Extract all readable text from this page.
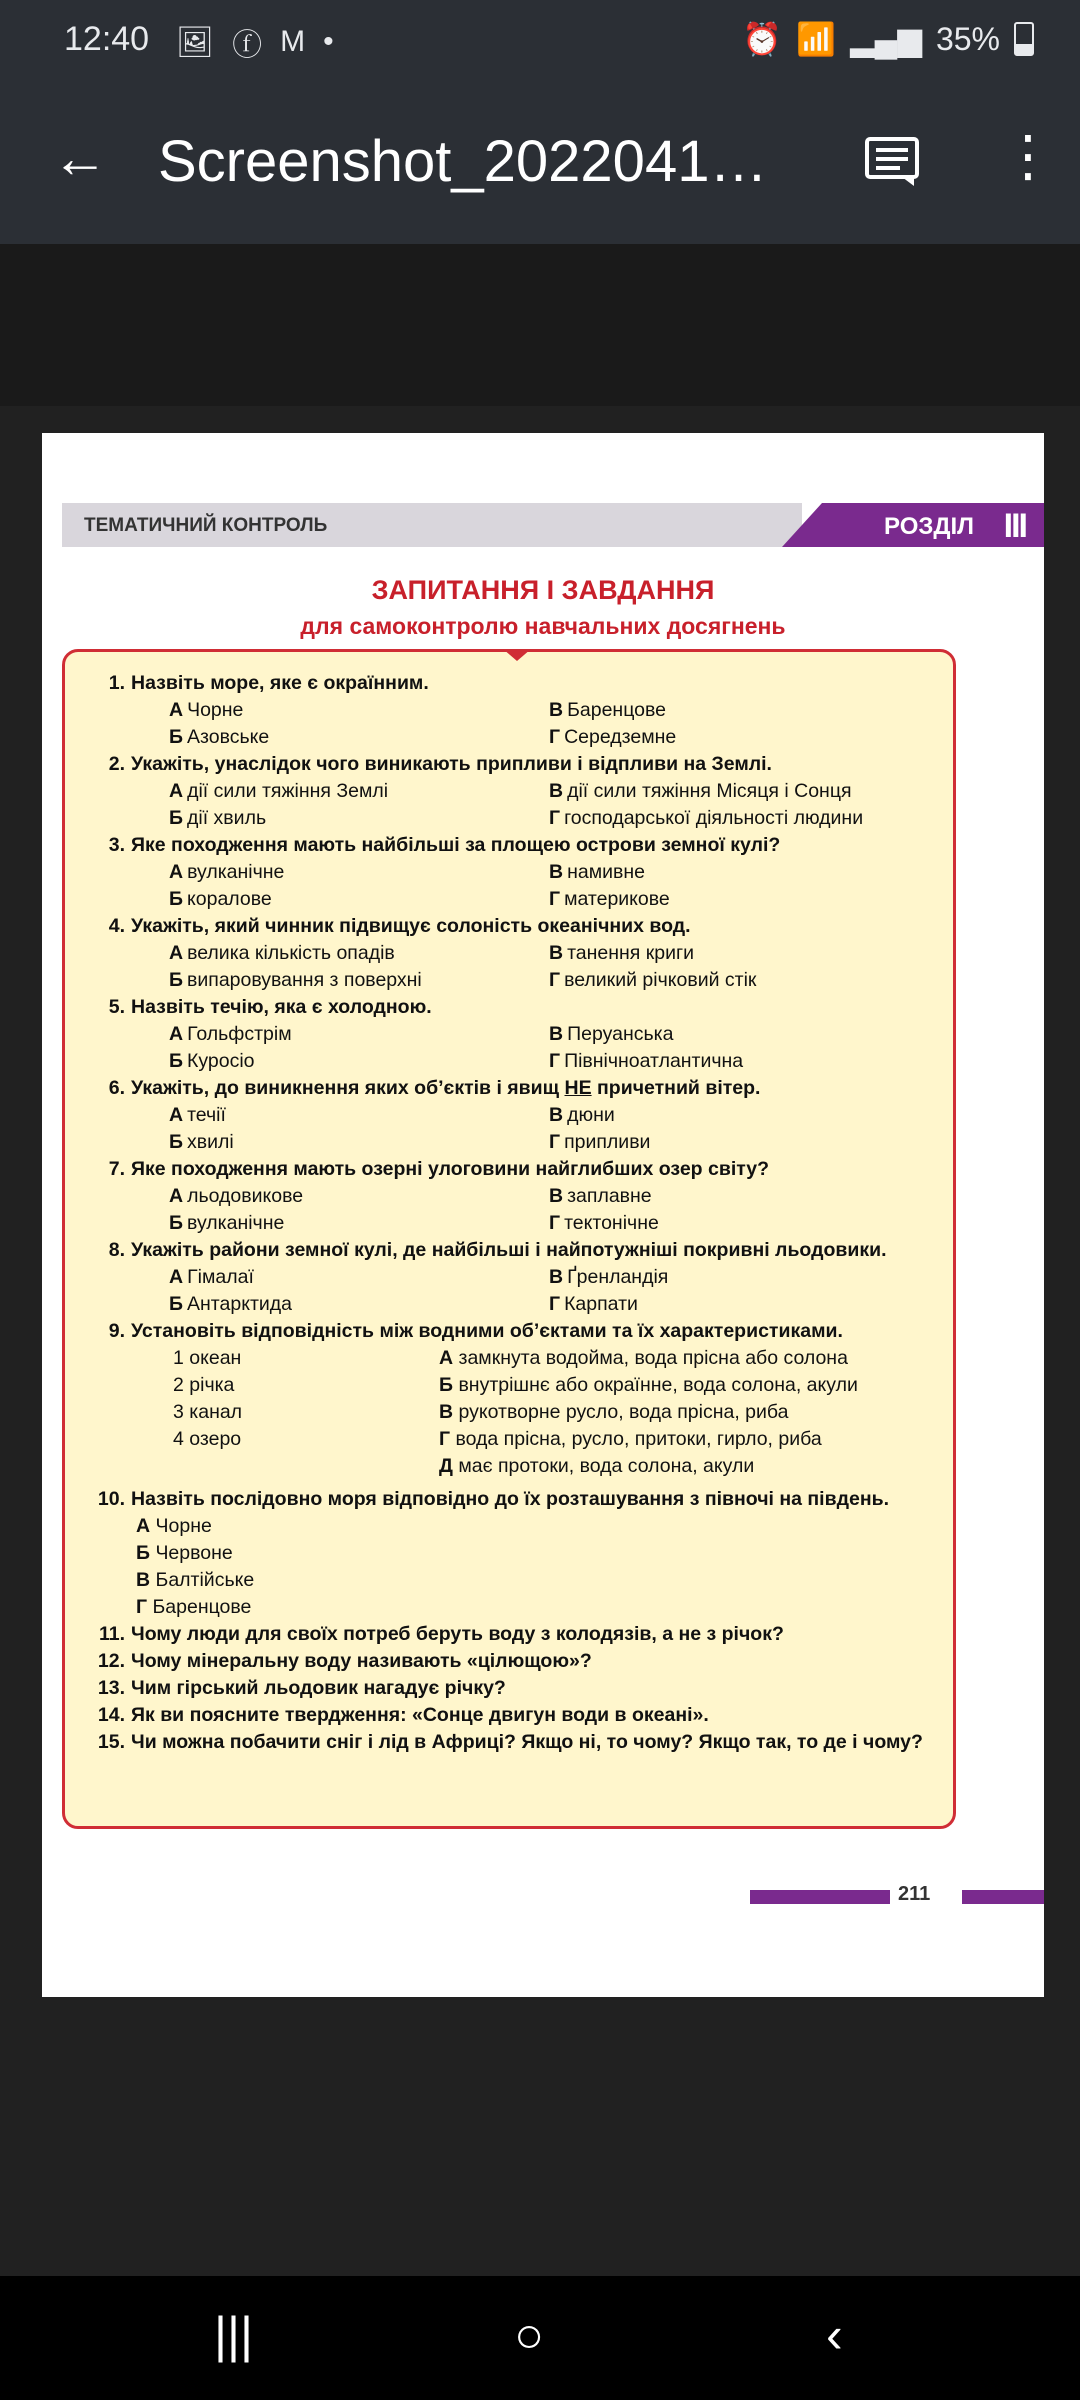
12:40 🖼 ⓕ M •	⏰ 📶 ▂▄▆ 35%
← Screenshot_2022041…	⋮
ТЕМАТИЧНИЙ КОНТРОЛЬ	РОЗДІЛ III
ЗАПИТАННЯ І ЗАВДАННЯ
для самоконтролю навчальних досягнень
1. Назвіть море, яке є окраїнним.
А Чорне	В Баренцове
Б Азовське	Г Середземне
2. Укажіть, унаслідок чого виникають припливи і відпливи на Землі.
А дії сили тяжіння Землі	В дії сили тяжіння Місяця і Сонця
Б дії хвиль	Г господарської діяльності людини
3. Яке походження мають найбільші за площею острови земної кулі?
А вулканічне	В намивне
Б коралове	Г материкове
4. Укажіть, який чинник підвищує солоність океанічних вод.
А велика кількість опадів	В танення криги
Б випаровування з поверхні	Г великий річковий стік
5. Назвіть течію, яка є холодною.
А Гольфстрім	В Перуанська
Б Куросіо	Г Північноатлантична
6. Укажіть, до виникнення яких об’єктів і явищ НЕ причетний вітер.
А течії	В дюни
Б хвилі	Г припливи
7. Яке походження мають озерні улоговини найглибших озер світу?
А льодовикове	В заплавне
Б вулканічне	Г тектонічне
8. Укажіть райони земної кулі, де найбільші і найпотужніші покривні льодовики.
А Гімалаї	В Ґренландія
Б Антарктида	Г Карпати
9. Установіть відповідність між водними об’єктами та їх характеристиками.
1 океан	А замкнута водойма, вода прісна або солона
2 річка	Б внутрішнє або окраїнне, вода солона, акули
3 канал	В рукотворне русло, вода прісна, риба
4 озеро	Г вода прісна, русло, притоки, гирло, риба
Д має протоки, вода солона, акули
10. Назвіть послідовно моря відповідно до їх розташування з півночі на південь.
А Чорне
Б Червоне
В Балтійське
Г Баренцове
11. Чому люди для своїх потреб беруть воду з колодязів, а не з річок?
12. Чому мінеральну воду називають «цілющою»?
13. Чим гірський льодовик нагадує річку?
14. Як ви поясните твердження: «Сонце двигун води в океані».
15. Чи можна побачити сніг і лід в Африці? Якщо ні, то чому? Якщо так, то де і чому?
211
|||	○	‹
